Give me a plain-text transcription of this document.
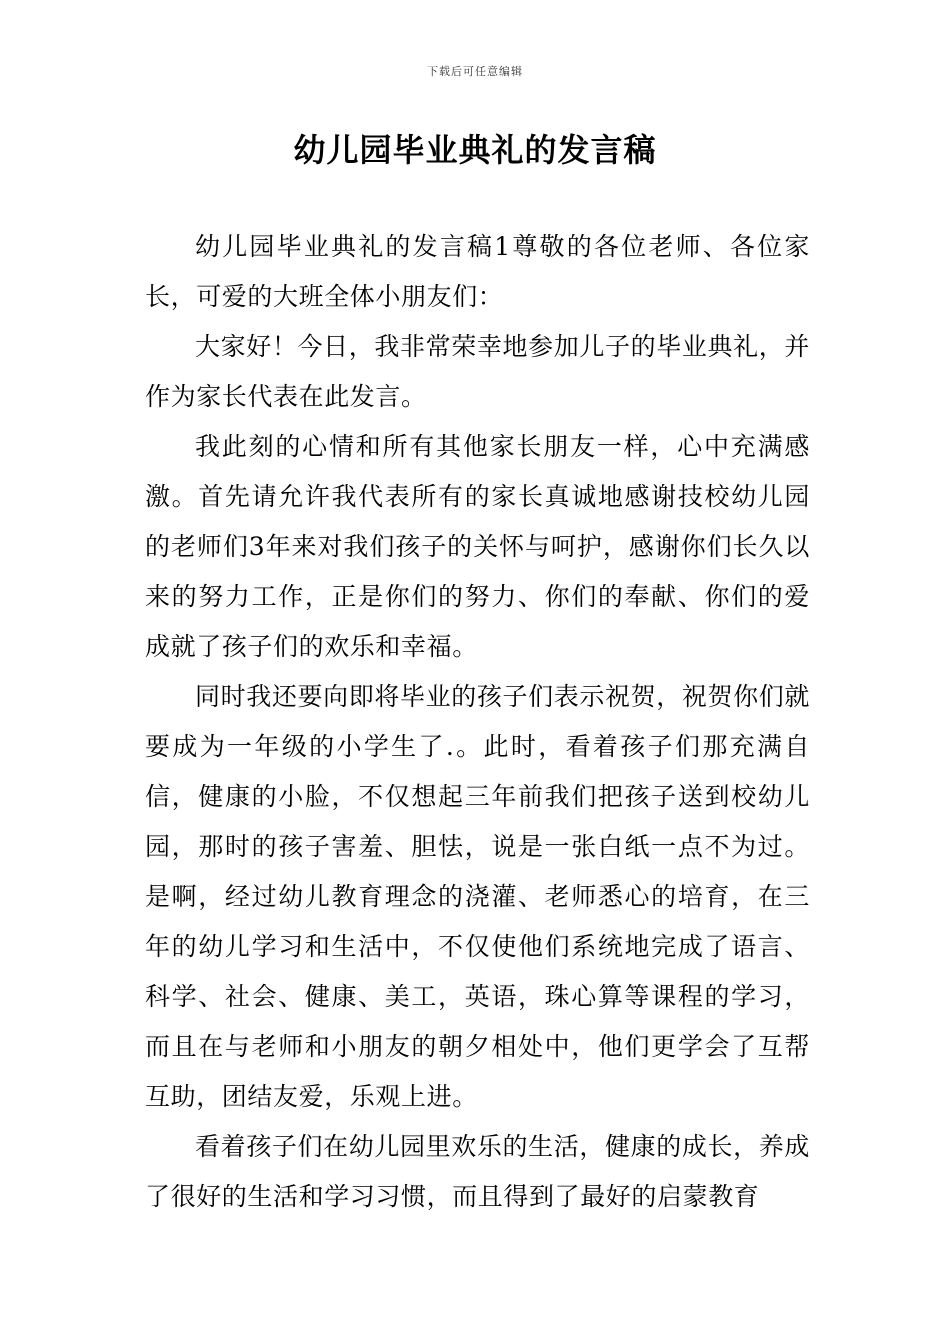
下载后可任意编辑
幼儿园毕业典礼的发言稿

幼儿园毕业典礼的发言稿1尊敬的各位老师、各位家长，可爱的大班全体小朋友们：

大家好！今日，我非常荣幸地参加儿子的毕业典礼，并作为家长代表在此发言。

我此刻的心情和所有其他家长朋友一样，心中充满感激。首先请允许我代表所有的家长真诚地感谢技校幼儿园的老师们3年来对我们孩子的关怀与呵护，感谢你们长久以来的努力工作，正是你们的努力、你们的奉献、你们的爱成就了孩子们的欢乐和幸福。

同时我还要向即将毕业的孩子们表示祝贺，祝贺你们就要成为一年级的小学生了.。此时，看着孩子们那充满自信，健康的小脸，不仅想起三年前我们把孩子送到校幼儿园，那时的孩子害羞、胆怯，说是一张白纸一点不为过。是啊，经过幼儿教育理念的浇灌、老师悉心的培育，在三年的幼儿学习和生活中，不仅使他们系统地完成了语言、科学、社会、健康、美工，英语，珠心算等课程的学习，而且在与老师和小朋友的朝夕相处中，他们更学会了互帮互助，团结友爱，乐观上进。

看着孩子们在幼儿园里欢乐的生活，健康的成长，养成了很好的生活和学习习惯，而且得到了最好的启蒙教育
